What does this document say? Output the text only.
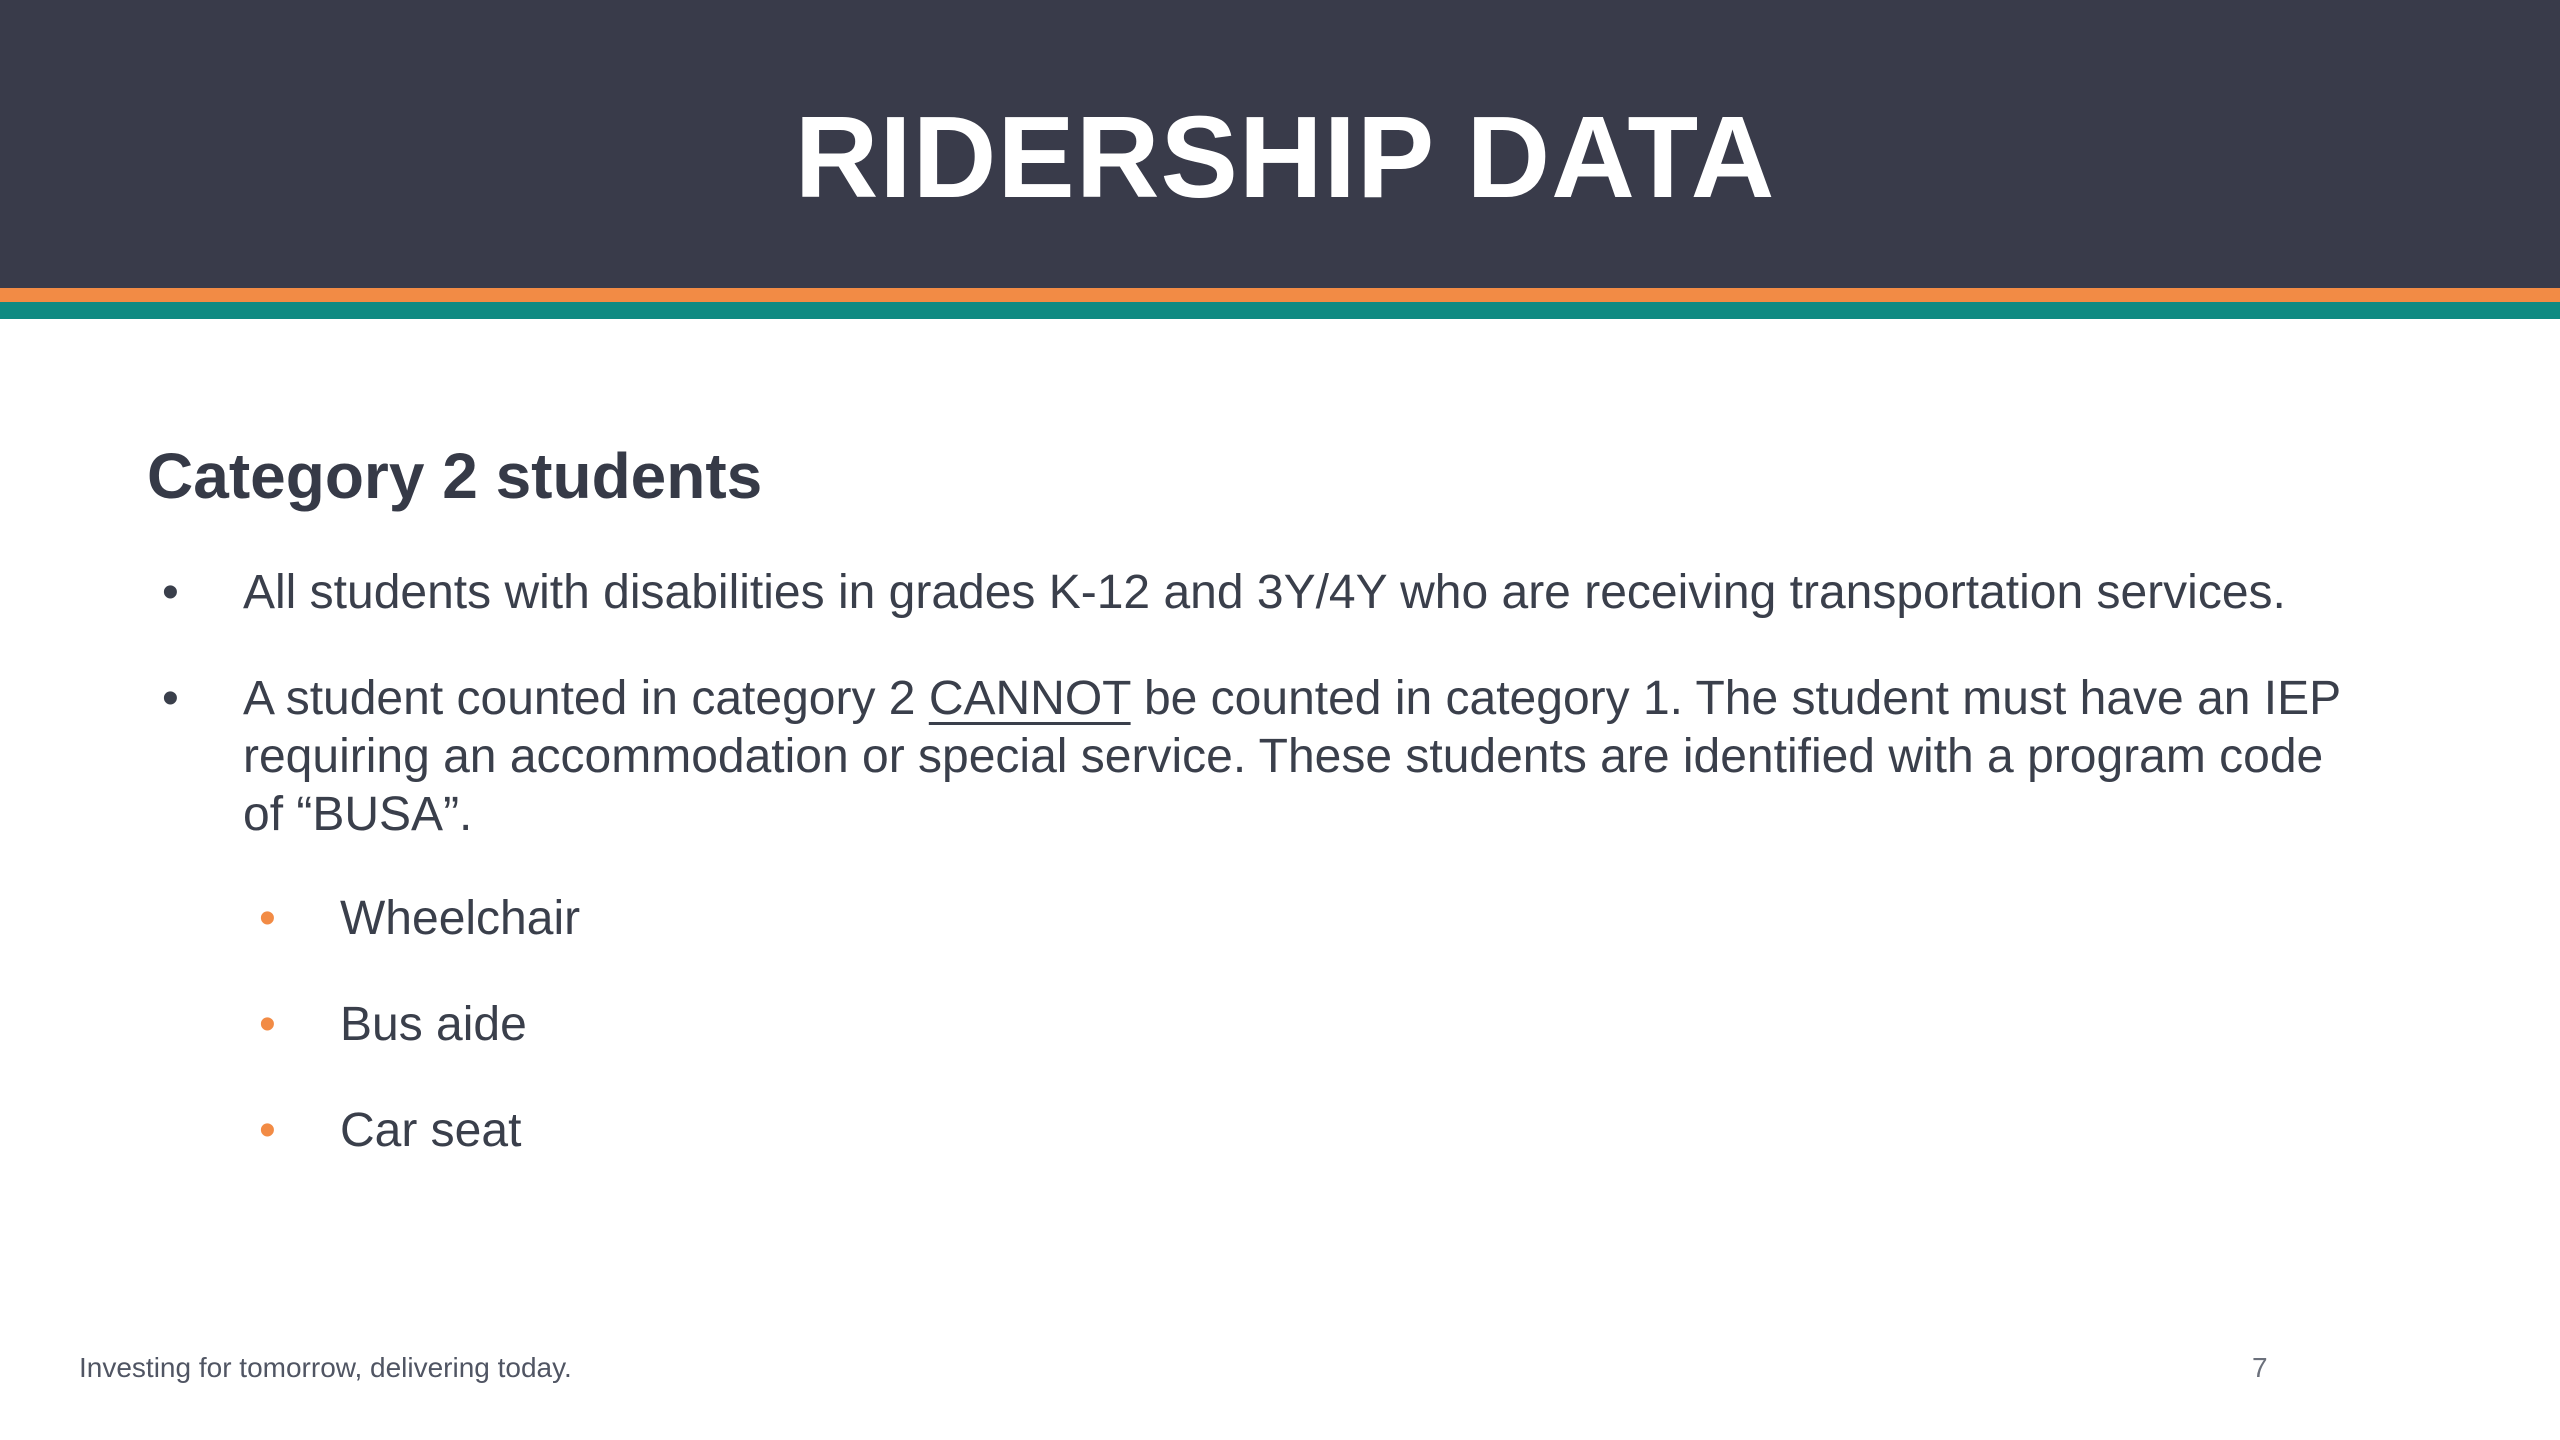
RIDERSHIP DATA
Category 2 students
• All students with disabilities in grades K-12 and 3Y/4Y who are receiving transportation services.
• A student counted in category 2 CANNOT be counted in category 1. The student must have an IEP
requiring an accommodation or special service. These students are identified with a program code
of “BUSA”.
• Wheelchair
• Bus aide
• Car seat
Investing for tomorrow, delivering today.	7
